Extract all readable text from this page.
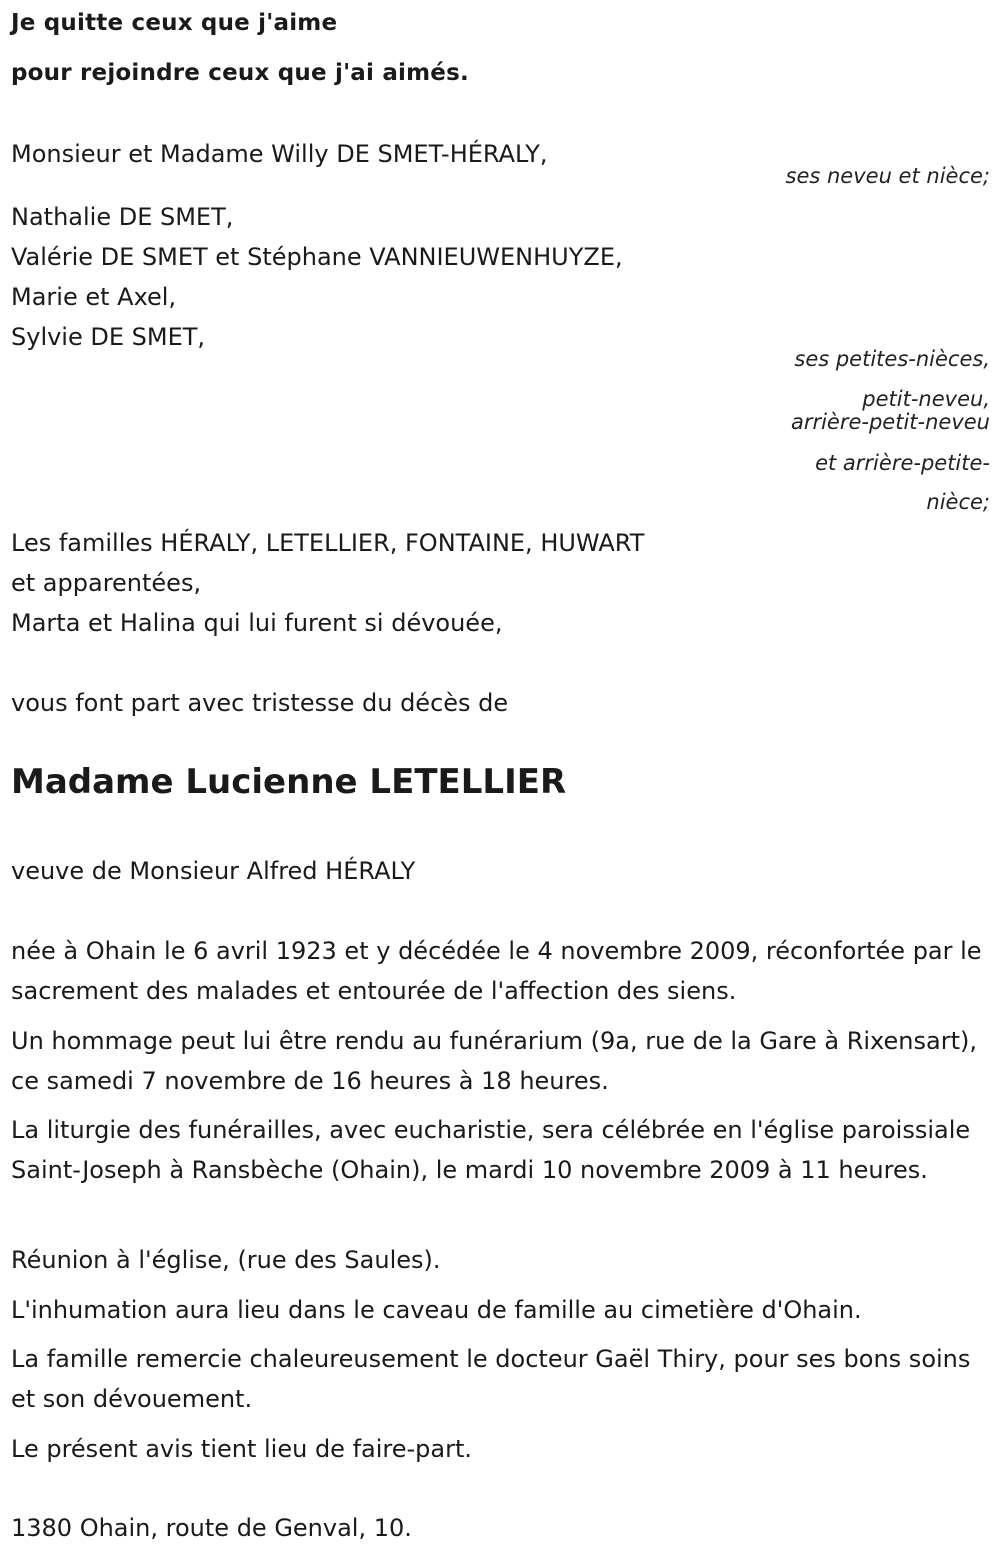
Je quitte ceux que j'aime

pour rejoindre ceux que j'ai aimés.

Monsieur et Madame Willy DE SMET-HÉRALY,

ses neveu et nièce;

Nathalie DE SMET,

Valérie DE SMET et Stéphane VANNIEUWENHUYZE,

Marie et Axel,

Sylvie DE SMET,

ses petites-nièces,

petit-neveu,

arrière-petit-neveu

et arrière-petite-

nièce;

Les familles HÉRALY, LETELLIER, FONTAINE, HUWART

et apparentées,

Marta et Halina qui lui furent si dévouée,

vous font part avec tristesse du décès de

Madame Lucienne LETELLIER

veuve de Monsieur Alfred HÉRALY

née à Ohain le 6 avril 1923 et y décédée le 4 novembre 2009, réconfortée par le sacrement des malades et entourée de l'affection des siens.

Un hommage peut lui être rendu au funérarium (9a, rue de la Gare à Rixensart), ce samedi 7 novembre de 16 heures à 18 heures.

La liturgie des funérailles, avec eucharistie, sera célébrée en l'église paroissiale Saint-Joseph à Ransbèche (Ohain), le mardi 10 novembre 2009 à 11 heures.

Réunion à l'église, (rue des Saules).

L'inhumation aura lieu dans le caveau de famille au cimetière d'Ohain.

La famille remercie chaleureusement le docteur Gaël Thiry, pour ses bons soins et son dévouement.

Le présent avis tient lieu de faire-part.

1380 Ohain, route de Genval, 10.
